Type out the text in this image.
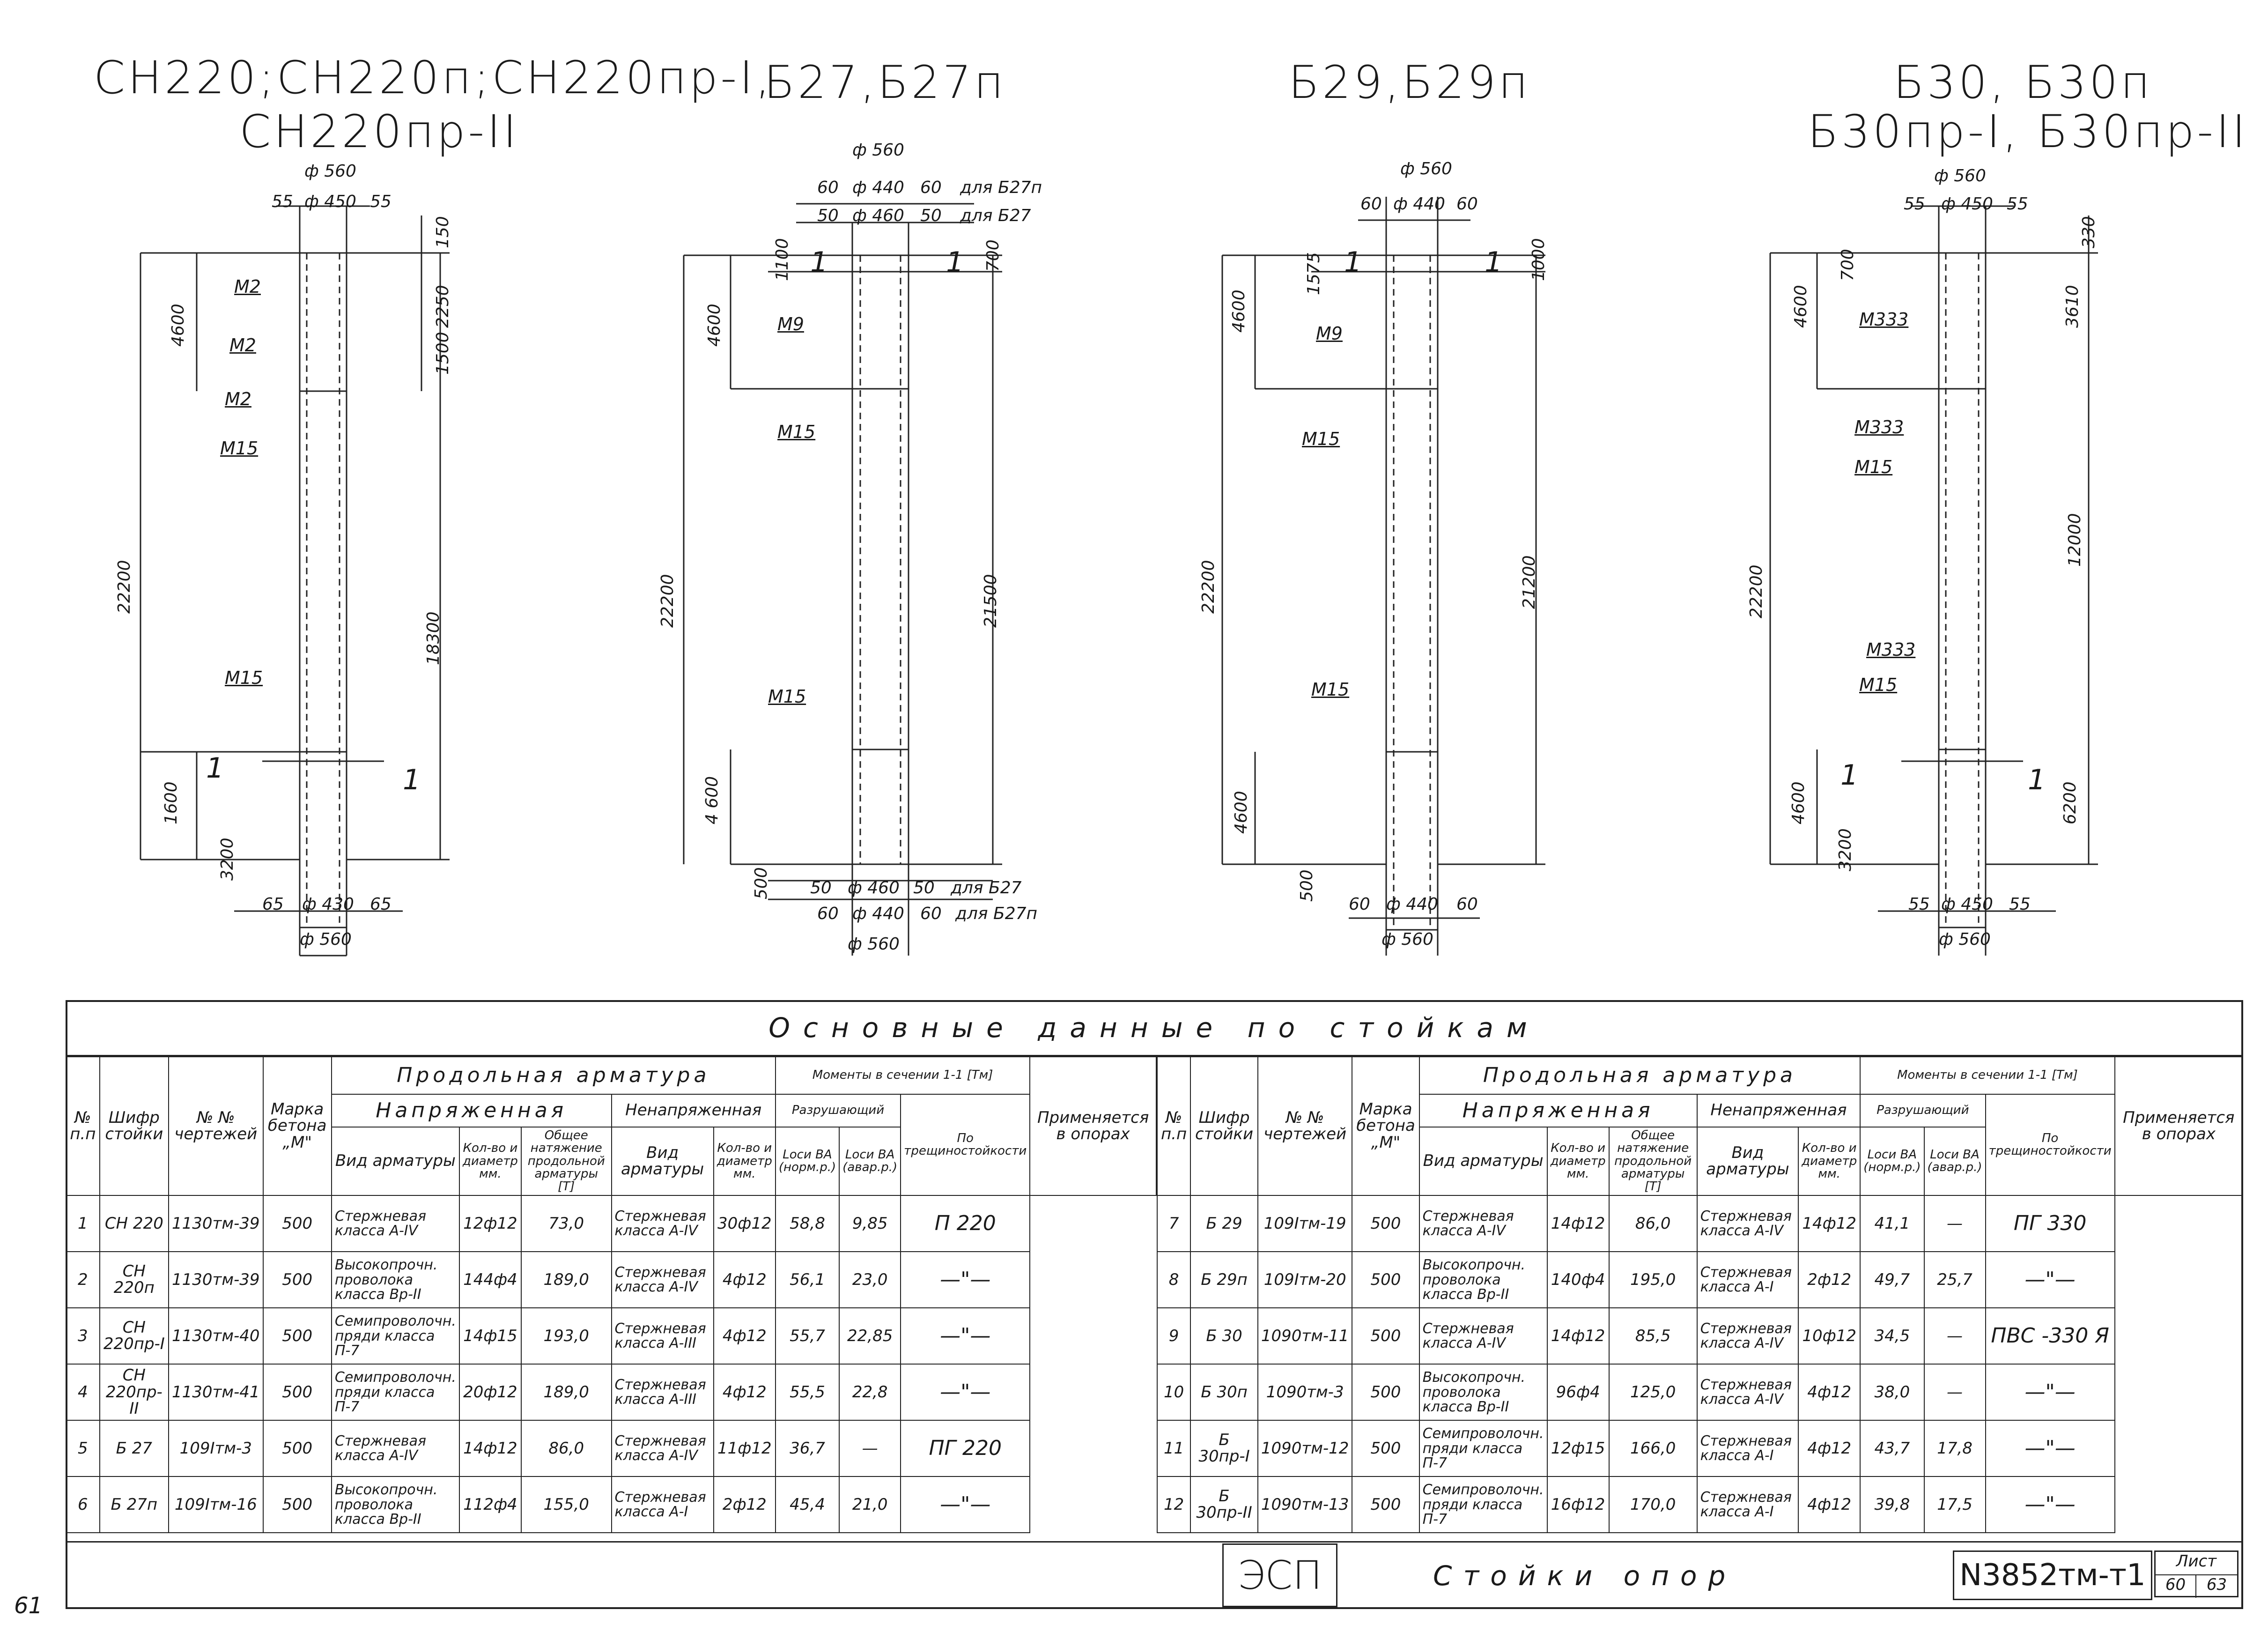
СН220;СН220п;СН220пр-I,
СН220пр-II
Б27,Б27п	Б29,Б29п	Б30, Б30п
Б30пр-I, Б30пр-II
ф 560
55 ф 450 55
150
2250
1500
4600
22200
18300
1600
3200
М2
М2
М2
М15
М15
1	1
65 ф 430 65
ф 560
ф 560
60 ф 440 60 для Б27п
50 ф 460 50 для Б27
1100	700
1	1
4600
22200	21500
4 600
500
М9
М15
М15
50 ф 460 50 для Б27
60 ф 440 60 для Б27п
ф 560
ф 560
60 ф 440 60
1575	1000
1	1
4600
22200	21200
4600
500
М9
М15
М15
60 ф 440 60
ф 560
ф 560
55 ф 450 55
330
700
4600	3610
22200
12000
4600
3200
6200
М333
М333
М15
М333
М15
1	1
55 ф 450 55
ф 560
Основные данные по стойкам
№ п.п	Шифр стойки	№ № чертежей	Марка бетона „М"	Продольная арматура					Моменты в сечении 1-1 [Тм]			Применяется в опорах
				Напряженная			Ненапряженная		Разрушающий		По трещиностойкости	
				Вид арматуры	Кол-во и диаметр мм.	Общее натяжение продольной арматуры [Т]	Вид арматуры	Кол-во и диаметр мм.	Lоси ВА (норм.р.)	Lоси ВА (авар.р.)		
1	СН 220	1130тм-39	500	Стержневая класса А-IV	12ф12	73,0	Стержневая класса А-IV	30ф12	58,8	9,85	П 220	
2	СН 220п	1130тм-39	500	Высокопрочн. проволока класса Вр-II	144ф4	189,0	Стержневая класса А-IV	4ф12	56,1	23,0	—"—	
3	СН 220пр-I	1130тм-40	500	Семипроволочн. пряди класса П-7	14ф15	193,0	Стержневая класса А-III	4ф12	55,7	22,85	—"—	
4	СН 220пр-II	1130тм-41	500	Семипроволочн. пряди класса П-7	20ф12	189,0	Стержневая класса А-III	4ф12	55,5	22,8	—"—	
5	Б 27	109Iтм-3	500	Стержневая класса А-IV	14ф12	86,0	Стержневая класса А-IV	11ф12	36,7	—	ПГ 220	
6	Б 27п	109Iтм-16	500	Высокопрочн. проволока класса Вр-II	112ф4	155,0	Стержневая класса А-I	2ф12	45,4	21,0	—"—	
№ п.п	Шифр стойки	№ № чертежей	Марка бетона „М"	Продольная арматура					Моменты в сечении 1-1 [Тм]			Применяется в опорах
				Напряженная			Ненапряженная		Разрушающий		По трещиностойкости	
				Вид арматуры	Кол-во и диаметр мм.	Общее натяжение продольной арматуры [Т]	Вид арматуры	Кол-во и диаметр мм.	Lоси ВА (норм.р.)	Lоси ВА (авар.р.)		
7	Б 29	109Iтм-19	500	Стержневая класса А-IV	14ф12	86,0	Стержневая класса А-IV	14ф12	41,1	—	ПГ 330	
8	Б 29п	109Iтм-20	500	Высокопрочн. проволока класса Вр-II	140ф4	195,0	Стержневая класса А-I	2ф12	49,7	25,7	—"—	
9	Б 30	1090тм-11	500	Стержневая класса А-IV	14ф12	85,5	Стержневая класса А-IV	10ф12	34,5	—	ПВС -330 Я	
10	Б 30п	1090тм-3	500	Высокопрочн. проволока класса Вр-II	96ф4	125,0	Стержневая класса А-IV	4ф12	38,0	—	—"—	
11	Б 30пр-I	1090тм-12	500	Семипроволочн. пряди класса П-7	12ф15	166,0	Стержневая класса А-I	4ф12	43,7	17,8	—"—	
12	Б 30пр-II	1090тм-13	500	Семипроволочн. пряди класса П-7	16ф12	170,0	Стержневая класса А-I	4ф12	39,8	17,5	—"—	
ЭСП	Стойки опор	N3852тм-т1	Лист
60	63
61
